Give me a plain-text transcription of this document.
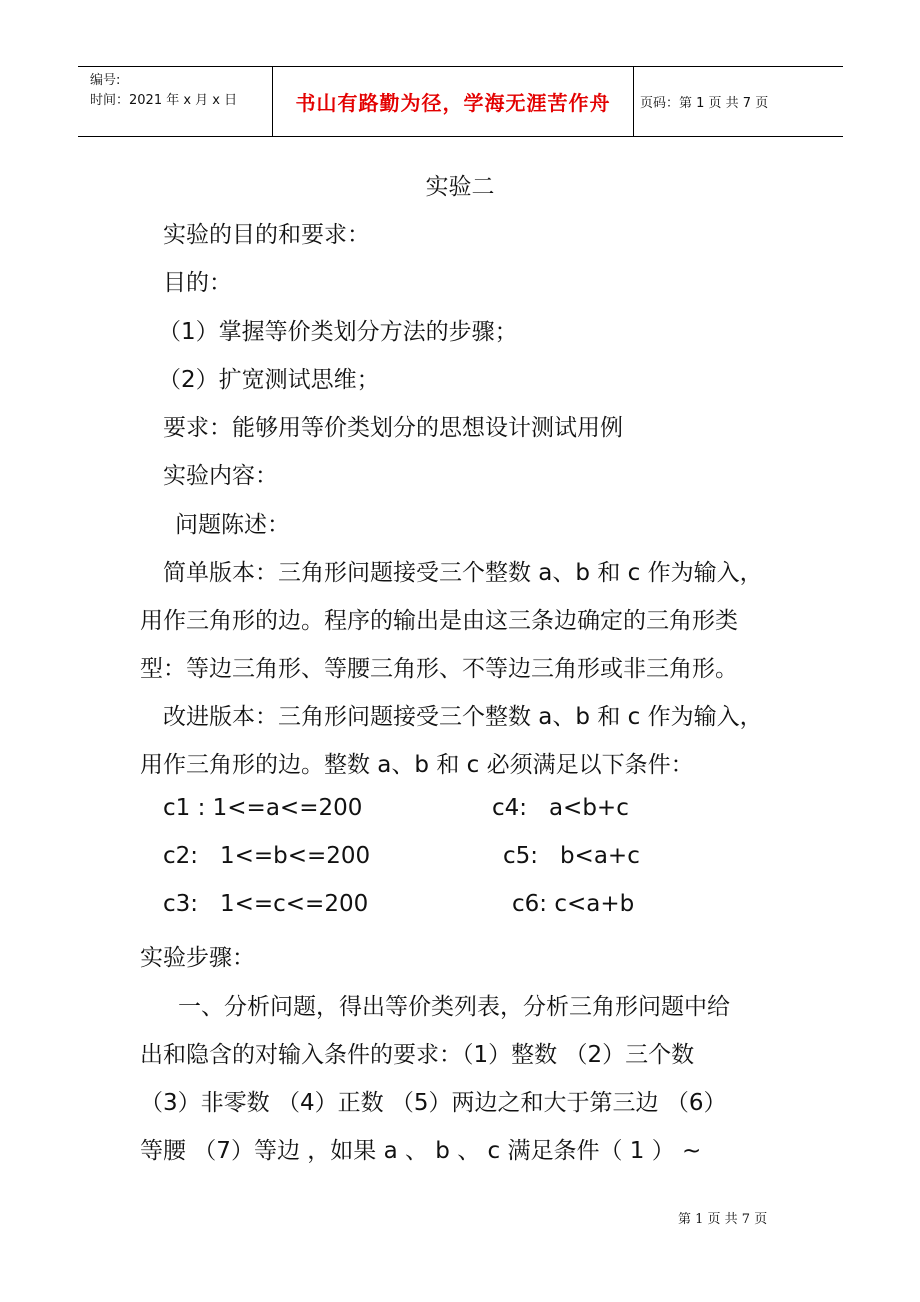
编号:
时间：2021 年 x 月 x 日	书山有路勤为径，学海无涯苦作舟	页码：第 1 页 共 7 页
实验二
实验的目的和要求：
目的：
（1）掌握等价类划分方法的步骤；
（2）扩宽测试思维；
要求：能够用等价类划分的思想设计测试用例
实验内容：
问题陈述：
简单版本：三角形问题接受三个整数 a、b 和 c 作为输入，
用作三角形的边。程序的输出是由这三条边确定的三角形类
型：等边三角形、等腰三角形、不等边三角形或非三角形。
改进版本：三角形问题接受三个整数 a、b 和 c 作为输入，
用作三角形的边。整数 a、b 和 c 必须满足以下条件：
c1 : 1<=a<=200	c4:   a<b+c
c2:   1<=b<=200	c5:   b<a+c
c3:   1<=c<=200	c6: c<a+b
实验步骤：
一、分析问题，得出等价类列表，分析三角形问题中给
出和隐含的对输入条件的要求：（1）整数 （2）三个数
（3）非零数 （4）正数 （5）两边之和大于第三边 （6）
等腰 （7）等边 ，如果 a 、 b 、 c 满足条件（ 1 ） ~
第 1 页 共 7 页
